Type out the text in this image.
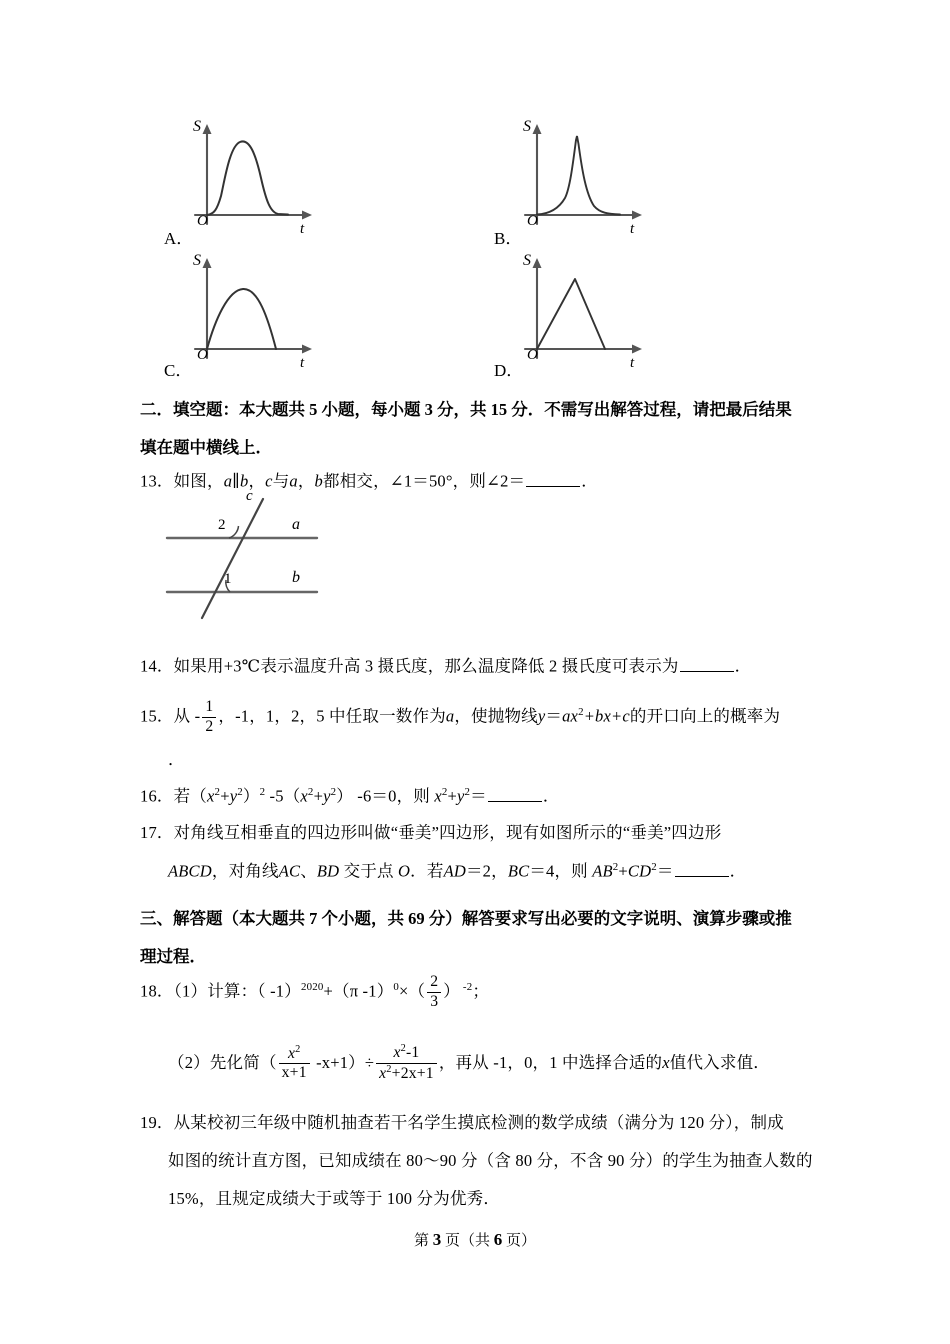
S
O	t
A．
S
O	t
B．
S
O	t
C．
S
O	t
D．
二．填空题：本大题共 5 小题，每小题 3 分，共 15 分．不需写出解答过程，请把最后结果
填在题中横线上．
13．如图，a∥b，c与a，b都相交，∠1＝50°，则∠2＝	．
c
a
b
2
1
14．如果用+3℃表示温度升高 3 摄氏度，那么温度降低 2 摄氏度可表示为	．
15．从 - $\frac{1}{2}$ ，‑1，1，2，5 中任取一数作为a，使抛物线$y=ax^2+bx+c$的开口向上的概率为
．
16．若$(x^2+y^2)^2$ $-5(x^2+y^2)$ -6＝0，则 $x^2+y^2=$	．
17．对角线互相垂直的四边形叫做“垂美”四边形，现有如图所示的“垂美”四边形
ABCD，对角线AC、BD 交于点 O．若AD＝2，BC＝4，则 $AB^2+CD^2=$	．
三、解答题（本大题共 7 个小题，共 69 分）解答要求写出必要的文字说明、演算步骤或推
理过程．
18．（1）计算：（ -1）$^{2020}$+（π $-1)^0\times( \frac{2}{3}$ ） $^{-2}$；
（2）先化简（ $\frac{x^2}{x+1} -x+1)\div \frac{x^2-1}{x^2+2x+1}$ ，再从 -1，0，1 中选择合适的x值代入求值．
19．从某校初三年级中随机抽查若干名学生摸底检测的数学成绩（满分为 120 分），制成
如图的统计直方图，已知成绩在 80～90 分（含 80 分，不含 90 分）的学生为抽查人数的
15%，且规定成绩大于或等于 100 分为优秀．
第 3 页（共 6 页）
